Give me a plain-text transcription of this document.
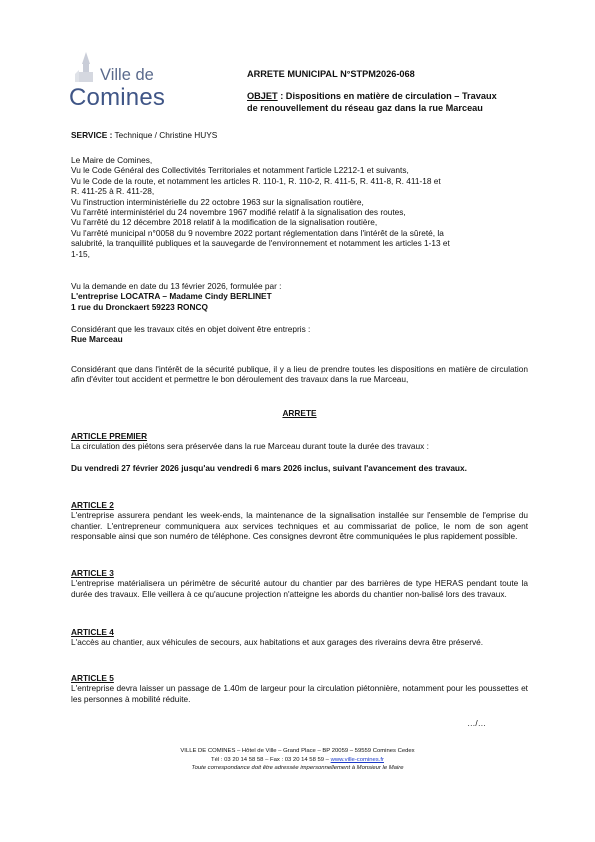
Ville de
Comines
ARRETE MUNICIPAL N°STPM2026-068
OBJET : Dispositions en matière de circulation – Travaux
de renouvellement du réseau gaz dans la rue Marceau
SERVICE : Technique / Christine HUYS
Le Maire de Comines,
Vu le Code Général des Collectivités Territoriales et notamment l'article L2212-1 et suivants,
Vu le Code de la route, et notamment les articles R. 110-1, R. 110-2, R. 411-5, R. 411-8, R. 411-18 et
R. 411-25 à R. 411-28,
Vu l'instruction interministérielle du 22 octobre 1963 sur la signalisation routière,
Vu l'arrêté interministériel du 24 novembre 1967 modifié relatif à la signalisation des routes,
Vu l'arrêté du 12 décembre 2018 relatif à la modification de la signalisation routière,
Vu l'arrêté municipal n°0058 du 9 novembre 2022 portant réglementation dans l'intérêt de la sûreté, la
salubrité, la tranquillité publiques et la sauvegarde de l'environnement et notamment les articles 1-13 et
1-15,
Vu la demande en date du 13 février 2026, formulée par :
L'entreprise LOCATRA – Madame Cindy BERLINET
1 rue du Dronckaert 59223 RONCQ
Considérant que les travaux cités en objet doivent être entrepris :
Rue Marceau
Considérant que dans l'intérêt de la sécurité publique, il y a lieu de prendre toutes les dispositions en matière de circulation afin d'éviter tout accident et permettre le bon déroulement des travaux dans la rue Marceau,
ARRETE
ARTICLE PREMIER
La circulation des piétons sera préservée dans la rue Marceau durant toute la durée des travaux :
Du vendredi 27 février 2026 jusqu'au vendredi 6 mars 2026 inclus, suivant l'avancement des travaux.
ARTICLE 2
L'entreprise assurera pendant les week-ends, la maintenance de la signalisation installée sur l'ensemble de l'emprise du chantier. L'entrepreneur communiquera aux services techniques et au commissariat de police, le nom de son agent responsable ainsi que son numéro de téléphone. Ces consignes devront être communiquées le plus rapidement possible.
ARTICLE 3
L'entreprise matérialisera un périmètre de sécurité autour du chantier par des barrières de type HERAS pendant toute la durée des travaux. Elle veillera à ce qu'aucune projection n'atteigne les abords du chantier non-balisé lors des travaux.
ARTICLE 4
L'accès au chantier, aux véhicules de secours, aux habitations et aux garages des riverains devra être préservé.
ARTICLE 5
L'entreprise devra laisser un passage de 1.40m de largeur pour la circulation piétonnière, notamment pour les poussettes et les personnes à mobilité réduite.
…/…
VILLE DE COMINES – Hôtel de Ville – Grand Place – BP 20059 – 59559 Comines Cedex
Tél : 03 20 14 58 58 – Fax : 03 20 14 58 59 – www.ville-comines.fr
Toute correspondance doit être adressée impersonnellement à Monsieur le Maire
